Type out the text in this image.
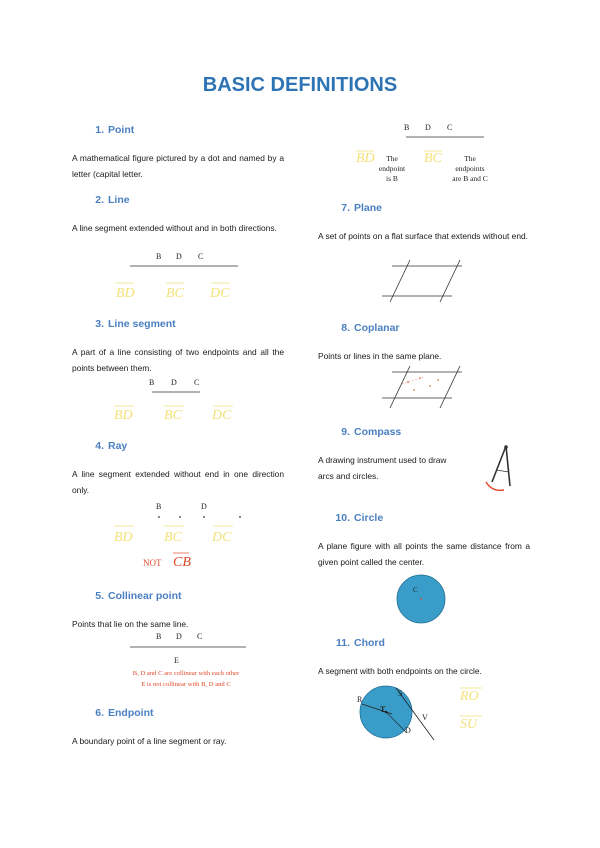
BASIC DEFINITIONS
1. Point
A mathematical figure pictured by a dot and named by a letter (capital letter.
2. Line
A line segment extended without and in both directions.
B D C
BD BC DC
3. Line segment
A part of a line consisting of two endpoints and all the points between them.
B D C
BD BC DC
4. Ray
A line segment extended without end in one direction only.
B	D
BD BC DC
NOT CB
5. Collinear point
Points that lie on the same line.
B D C
E
B, D and C are collinear with each other
E is not collinear with B, D and C
6. Endpoint
A boundary point of a line segment or ray.
B D C
BD	BC
The
endpoint
is B
The
endpoints
are B and C
7. Plane
A set of points on a flat surface that extends without end.
8. Coplanar
Points or lines in the same plane.
9. Compass
A drawing instrument used to draw
arcs and circles.
10. Circle
A plane figure with all points the same distance from a given point called the center.
C
11. Chord
A segment with both endpoints on the circle.
R
T
S
V
D
RO
SU
